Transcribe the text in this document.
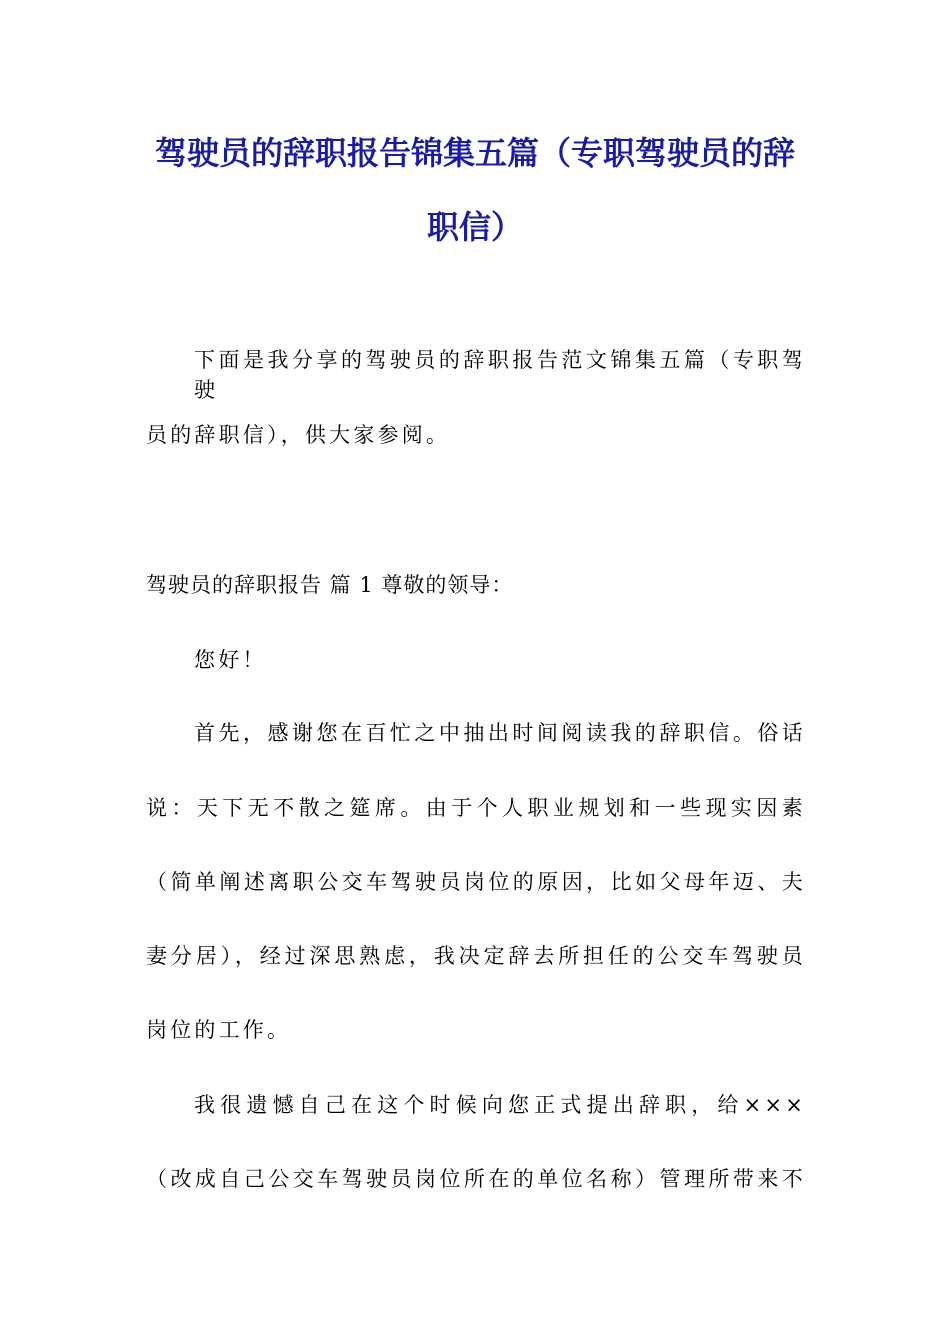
驾驶员的辞职报告锦集五篇（专职驾驶员的辞职信）
下面是我分享的驾驶员的辞职报告范文锦集五篇（专职驾驶
员的辞职信），供大家参阅。
驾驶员的辞职报告 篇 1 尊敬的领导：
您好！
首先，感谢您在百忙之中抽出时间阅读我的辞职信。俗话
说：天下无不散之筵席。由于个人职业规划和一些现实因素
（简单阐述离职公交车驾驶员岗位的原因，比如父母年迈、夫
妻分居），经过深思熟虑，我决定辞去所担任的公交车驾驶员
岗位的工作。
我很遗憾自己在这个时候向您正式提出辞职，给×××
（改成自己公交车驾驶员岗位所在的单位名称）管理所带来不
